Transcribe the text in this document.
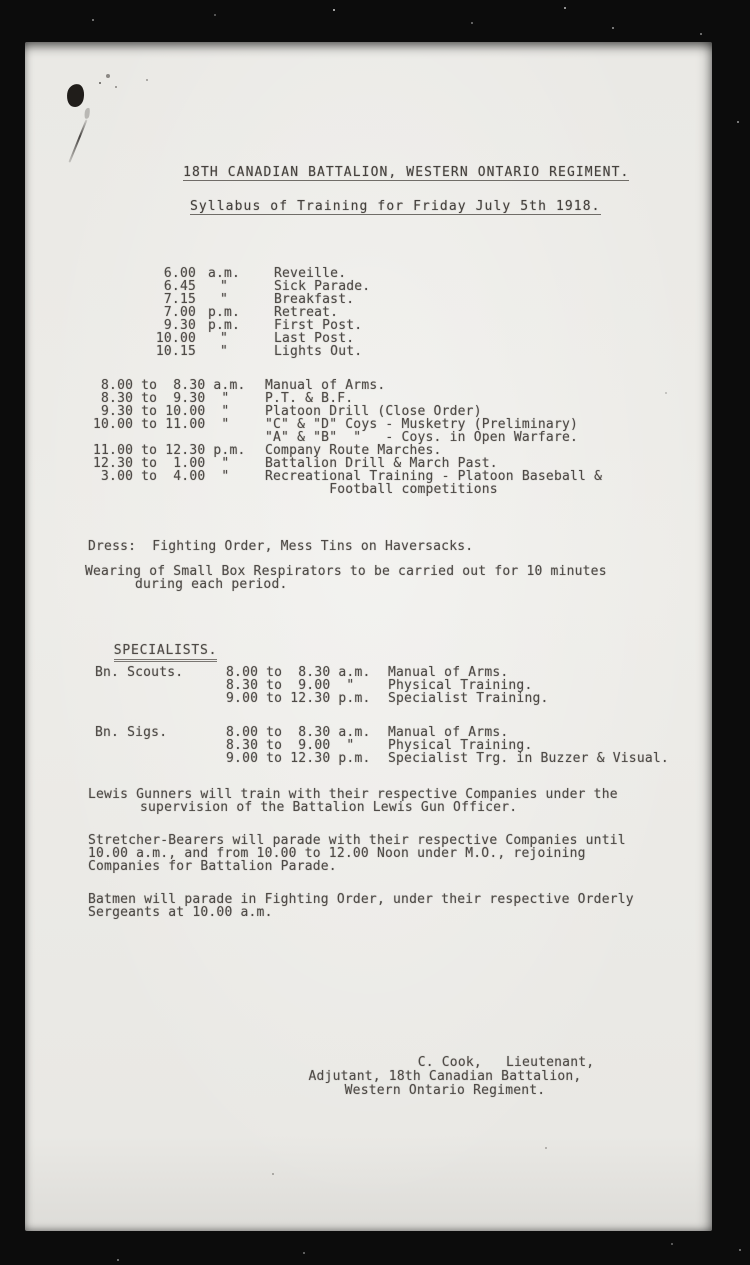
18TH CANADIAN BATTALION, WESTERN ONTARIO REGIMENT.

Syllabus of Training for Friday July 5th 1918.

6.00 a.m.	Reveille.
6.45	"	Sick Parade.
7.15	"	Breakfast.
7.00 p.m.	Retreat.
9.30 p.m.	First Post.
10.00	"	Last Post.
10.15	"	Lights Out.
8.00 to  8.30 a.m. Manual of Arms.
8.30 to  9.30  "	P.T. & B.F.
9.30 to 10.00  "	Platoon Drill (Close Order)
10.00 to 11.00  "	"C" & "D" Coys - Musketry (Preliminary)
"A" & "B"  "   - Coys. in Open Warfare.
11.00 to 12.30 p.m. Company Route Marches.
12.30 to  1.00  "	Battalion Drill & March Past.
3.00 to  4.00  "	Recreational Training - Platoon Baseball &
Football competitions
Dress:  Fighting Order, Mess Tins on Haversacks.
Wearing of Small Box Respirators to be carried out for 10 minutes
during each period.

SPECIALISTS.

Bn. Scouts.	8.00 to  8.30 a.m. Manual of Arms.
8.30 to  9.00  "	Physical Training.
9.00 to 12.30 p.m. Specialist Training.
Bn. Sigs.	8.00 to  8.30 a.m. Manual of Arms.
8.30 to  9.00  "	Physical Training.
9.00 to 12.30 p.m. Specialist Trg. in Buzzer & Visual.
Lewis Gunners will train with their respective Companies under the
supervision of the Battalion Lewis Gun Officer.
Stretcher-Bearers will parade with their respective Companies until
10.00 a.m., and from 10.00 to 12.00 Noon under M.O., rejoining
Companies for Battalion Parade.
Batmen will parade in Fighting Order, under their respective Orderly
Sergeants at 10.00 a.m.
C. Cook,   Lieutenant,
Adjutant, 18th Canadian Battalion,
Western Ontario Regiment.
